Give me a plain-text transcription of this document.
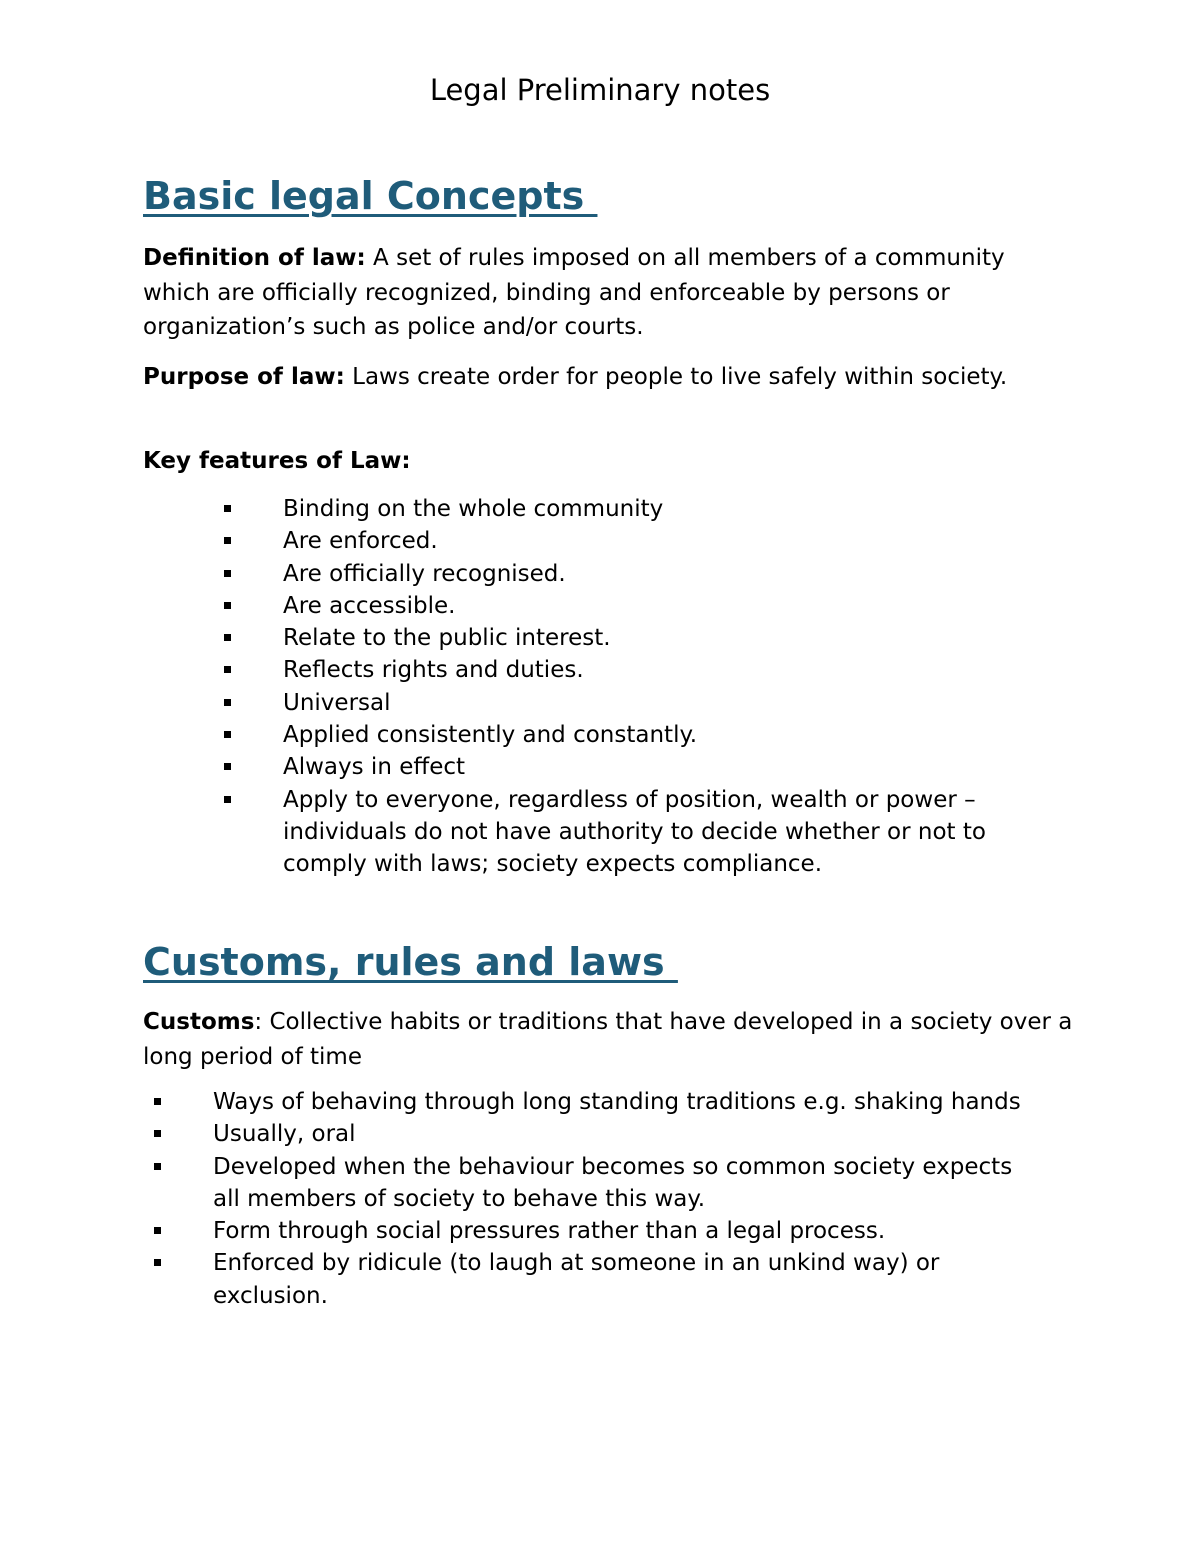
Legal Preliminary notes
Basic legal Concepts

Definition of law: A set of rules imposed on all members of a community which are officially recognized, binding and enforceable by persons or organization’s such as police and/or courts.

Purpose of law: Laws create order for people to live safely within society.

Key features of Law:

Binding on the whole community
Are enforced.
Are officially recognised.
Are accessible.
Relate to the public interest.
Reflects rights and duties.
Universal
Applied consistently and constantly.
Always in effect
Apply to everyone, regardless of position, wealth or power – individuals do not have authority to decide whether or not to comply with laws; society expects compliance.
Customs, rules and laws

Customs: Collective habits or traditions that have developed in a society over a long period of time

Ways of behaving through long standing traditions e.g. shaking hands
Usually, oral
Developed when the behaviour becomes so common society expects all members of society to behave this way.
Form through social pressures rather than a legal process.
Enforced by ridicule (to laugh at someone in an unkind way) or exclusion.
